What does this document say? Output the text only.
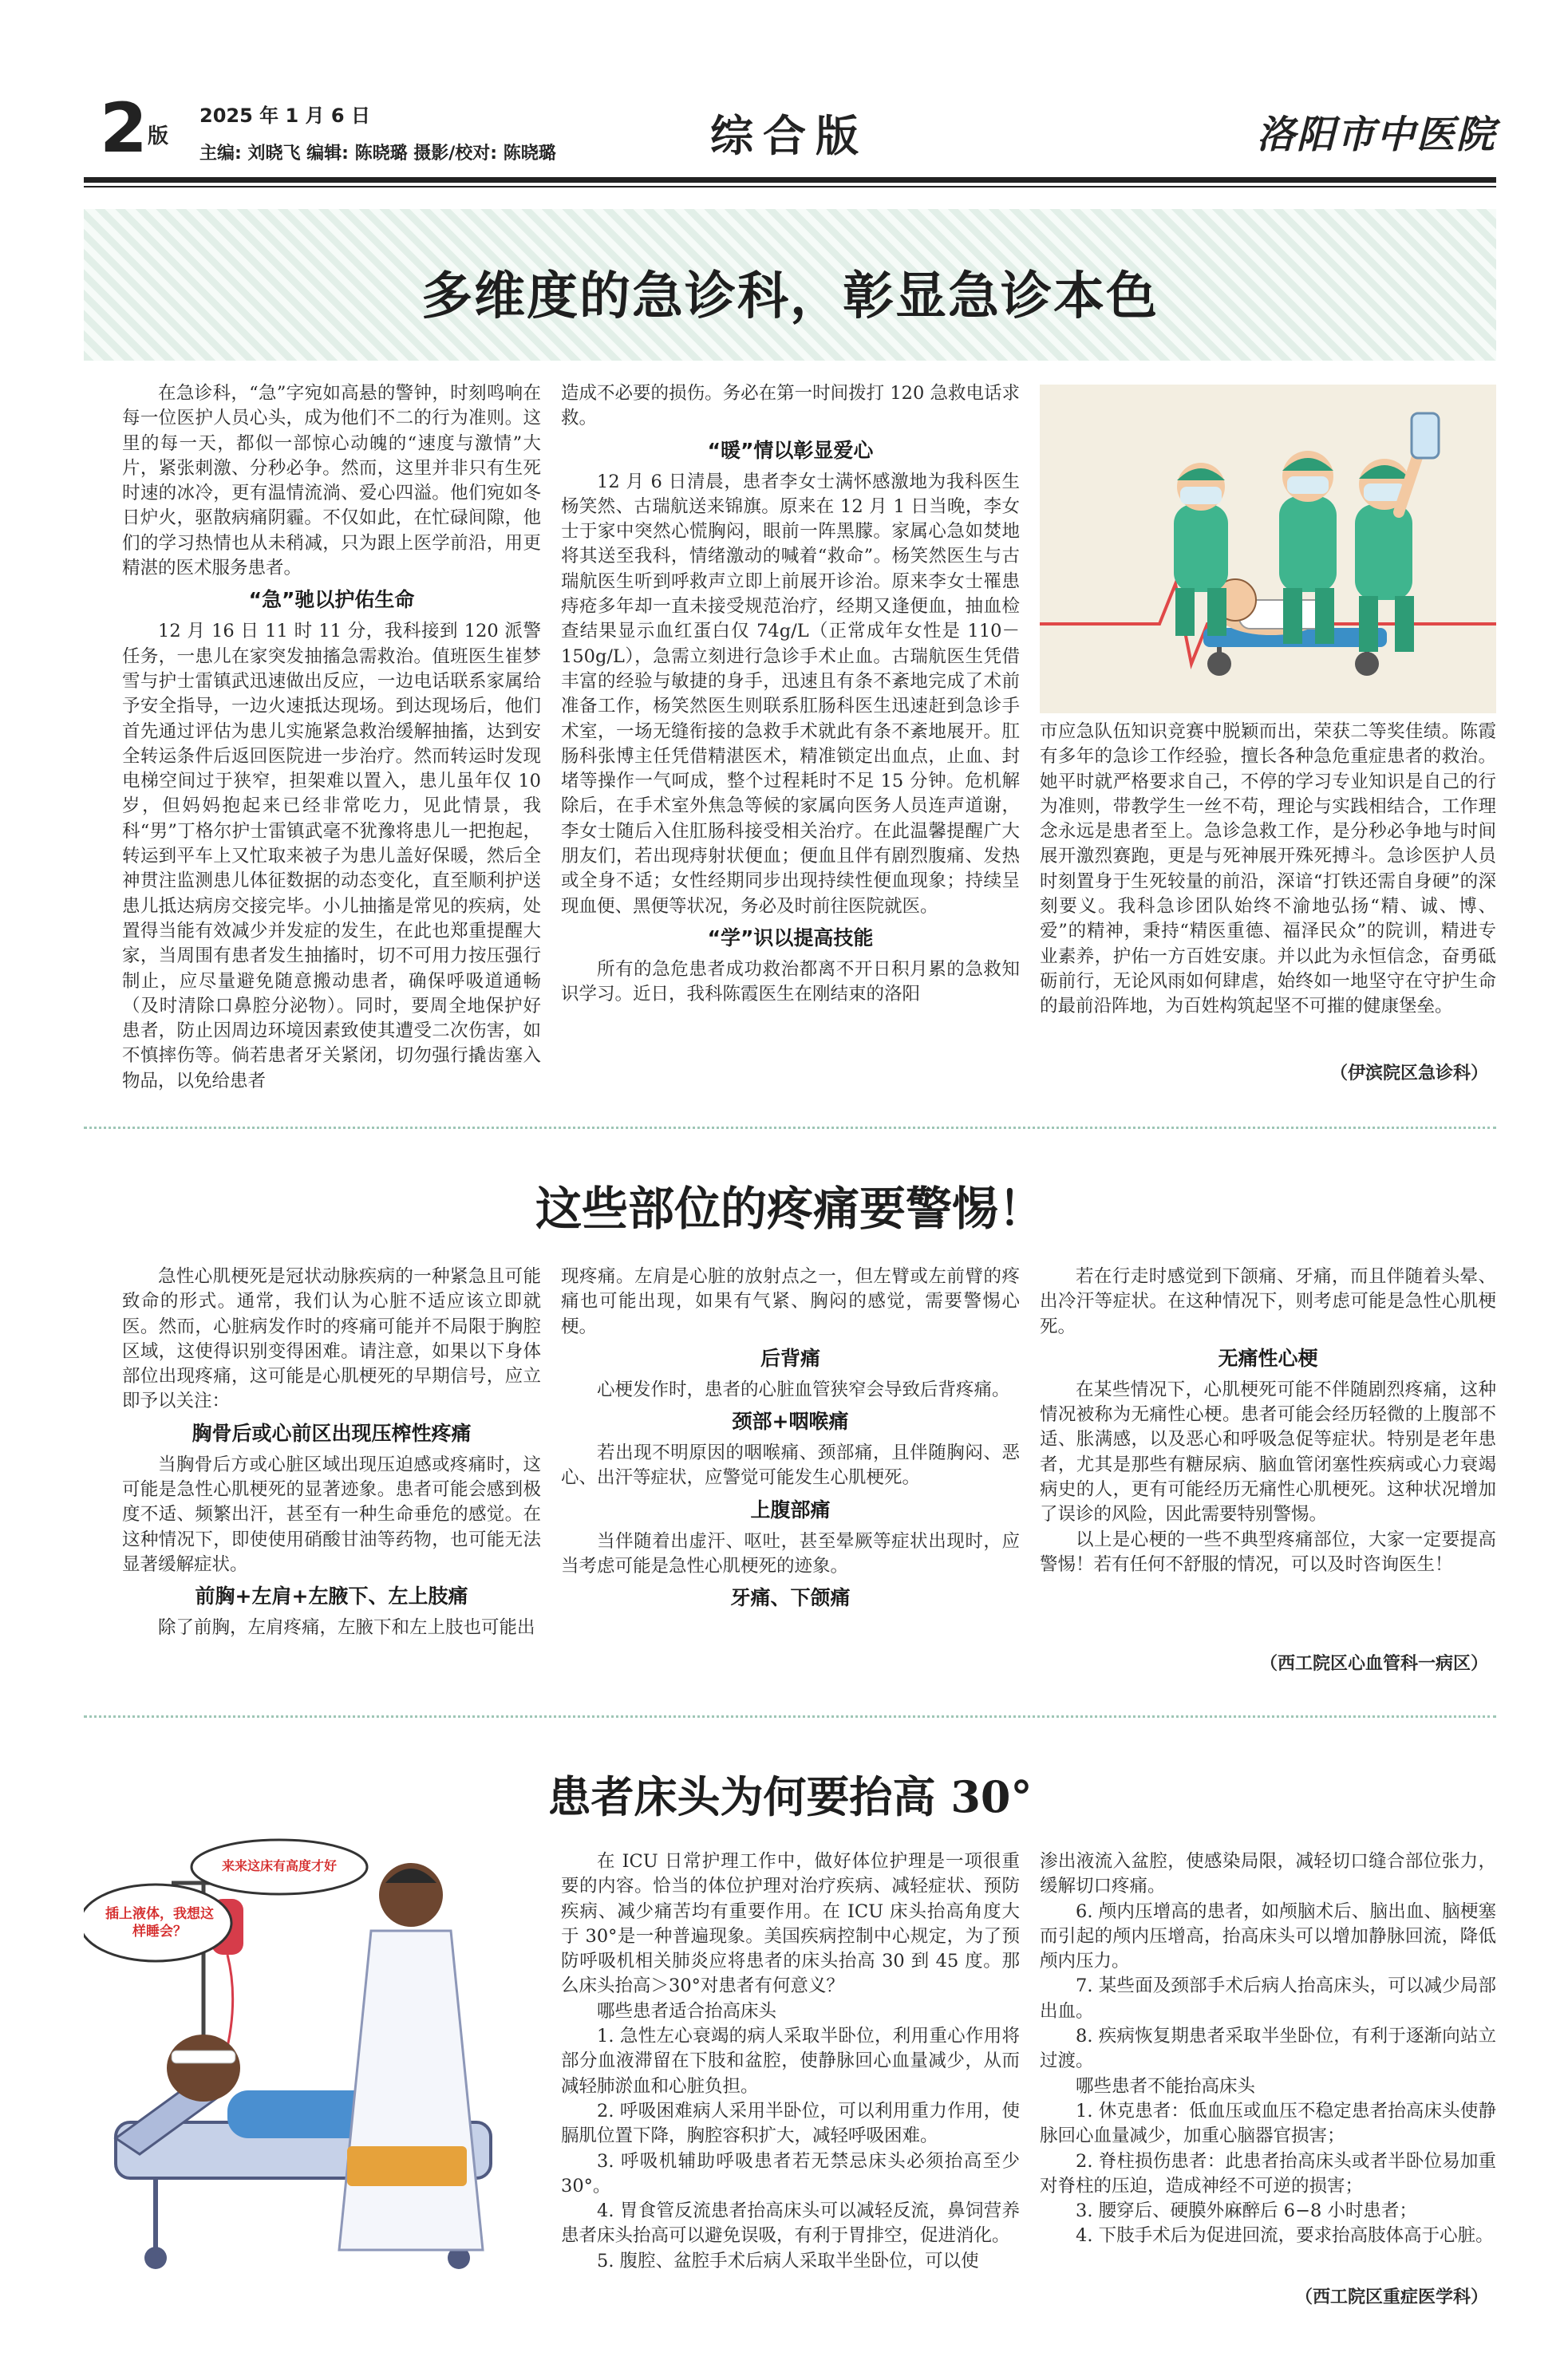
2 版
2025 年 1 月 6 日
主编: 刘晓飞 编辑: 陈晓璐 摄影/校对: 陈晓璐	综合版	洛阳市中医院
多维度的急诊科，彰显急诊本色

在急诊科，“急”字宛如高悬的警钟，时刻鸣响在每一位医护人员心头，成为他们不二的行为准则。这里的每一天，都似一部惊心动魄的“速度与激情”大片，紧张刺激、分秒必争。然而，这里并非只有生死时速的冰冷，更有温情流淌、爱心四溢。他们宛如冬日炉火，驱散病痛阴霾。不仅如此，在忙碌间隙，他们的学习热情也从未稍减，只为跟上医学前沿，用更精湛的医术服务患者。

“急”驰以护佑生命

12 月 16 日 11 时 11 分，我科接到 120 派警任务，一患儿在家突发抽搐急需救治。值班医生崔梦雪与护士雷镇武迅速做出反应，一边电话联系家属给予安全指导，一边火速抵达现场。到达现场后，他们首先通过评估为患儿实施紧急救治缓解抽搐，达到安全转运条件后返回医院进一步治疗。然而转运时发现电梯空间过于狭窄，担架难以置入，患儿虽年仅 10 岁，但妈妈抱起来已经非常吃力，见此情景，我科“男”丁格尔护士雷镇武毫不犹豫将患儿一把抱起，转运到平车上又忙取来被子为患儿盖好保暖，然后全神贯注监测患儿体征数据的动态变化，直至顺利护送患儿抵达病房交接完毕。小儿抽搐是常见的疾病，处置得当能有效减少并发症的发生，在此也郑重提醒大家，当周围有患者发生抽搐时，切不可用力按压强行制止，应尽量避免随意搬动患者，确保呼吸道通畅（及时清除口鼻腔分泌物）。同时，要周全地保护好患者，防止因周边环境因素致使其遭受二次伤害，如不慎摔伤等。倘若患者牙关紧闭，切勿强行撬齿塞入物品，以免给患者

造成不必要的损伤。务必在第一时间拨打 120 急救电话求救。

“暖”情以彰显爱心

12 月 6 日清晨，患者李女士满怀感激地为我科医生杨笑然、古瑞航送来锦旗。原来在 12 月 1 日当晚，李女士于家中突然心慌胸闷，眼前一阵黑朦。家属心急如焚地将其送至我科，情绪激动的喊着“救命”。杨笑然医生与古瑞航医生听到呼救声立即上前展开诊治。原来李女士罹患痔疮多年却一直未接受规范治疗，经期又逢便血，抽血检查结果显示血红蛋白仅 74g/L（正常成年女性是 110－150g/L），急需立刻进行急诊手术止血。古瑞航医生凭借丰富的经验与敏捷的身手，迅速且有条不紊地完成了术前准备工作，杨笑然医生则联系肛肠科医生迅速赶到急诊手术室，一场无缝衔接的急救手术就此有条不紊地展开。肛肠科张博主任凭借精湛医术，精准锁定出血点，止血、封堵等操作一气呵成，整个过程耗时不足 15 分钟。危机解除后，在手术室外焦急等候的家属向医务人员连声道谢，李女士随后入住肛肠科接受相关治疗。在此温馨提醒广大朋友们，若出现痔射状便血；便血且伴有剧烈腹痛、发热或全身不适；女性经期同步出现持续性便血现象；持续呈现血便、黑便等状况，务必及时前往医院就医。

“学”识以提高技能

所有的急危患者成功救治都离不开日积月累的急救知识学习。近日，我科陈霞医生在刚结束的洛阳

市应急队伍知识竞赛中脱颖而出，荣获二等奖佳绩。陈霞有多年的急诊工作经验，擅长各种急危重症患者的救治。她平时就严格要求自己，不停的学习专业知识是自己的行为准则，带教学生一丝不苟，理论与实践相结合，工作理念永远是患者至上。急诊急救工作，是分秒必争地与时间展开激烈赛跑，更是与死神展开殊死搏斗。急诊医护人员时刻置身于生死较量的前沿，深谙“打铁还需自身硬”的深刻要义。我科急诊团队始终不渝地弘扬“精、诚、博、爱”的精神，秉持“精医重德、福泽民众”的院训，精进专业素养，护佑一方百姓安康。并以此为永恒信念，奋勇砥砺前行，无论风雨如何肆虐，始终如一地坚守在守护生命的最前沿阵地，为百姓构筑起坚不可摧的健康堡垒。

（伊滨院区急诊科）
这些部位的疼痛要警惕！

急性心肌梗死是冠状动脉疾病的一种紧急且可能致命的形式。通常，我们认为心脏不适应该立即就医。然而，心脏病发作时的疼痛可能并不局限于胸腔区域，这使得识别变得困难。请注意，如果以下身体部位出现疼痛，这可能是心肌梗死的早期信号，应立即予以关注：

胸骨后或心前区出现压榨性疼痛

当胸骨后方或心脏区域出现压迫感或疼痛时，这可能是急性心肌梗死的显著迹象。患者可能会感到极度不适、频繁出汗，甚至有一种生命垂危的感觉。在这种情况下，即使使用硝酸甘油等药物，也可能无法显著缓解症状。

前胸+左肩+左腋下、左上肢痛

除了前胸，左肩疼痛，左腋下和左上肢也可能出

现疼痛。左肩是心脏的放射点之一，但左臂或左前臂的疼痛也可能出现，如果有气紧、胸闷的感觉，需要警惕心梗。

后背痛

心梗发作时，患者的心脏血管狭窄会导致后背疼痛。

颈部+咽喉痛

若出现不明原因的咽喉痛、颈部痛，且伴随胸闷、恶心、出汗等症状，应警觉可能发生心肌梗死。

上腹部痛

当伴随着出虚汗、呕吐，甚至晕厥等症状出现时，应当考虑可能是急性心肌梗死的迹象。

牙痛、下颌痛

若在行走时感觉到下颌痛、牙痛，而且伴随着头晕、出冷汗等症状。在这种情况下，则考虑可能是急性心肌梗死。

无痛性心梗

在某些情况下，心肌梗死可能不伴随剧烈疼痛，这种情况被称为无痛性心梗。患者可能会经历轻微的上腹部不适、胀满感，以及恶心和呼吸急促等症状。特别是老年患者，尤其是那些有糖尿病、脑血管闭塞性疾病或心力衰竭病史的人，更有可能经历无痛性心肌梗死。这种状况增加了误诊的风险，因此需要特别警惕。

以上是心梗的一些不典型疼痛部位，大家一定要提高警惕！若有任何不舒服的情况，可以及时咨询医生！

（西工院区心血管科一病区）
患者床头为何要抬高 30°
插上液体，我想这样睡会？
来来这床有高度才好	在 ICU 日常护理工作中，做好体位护理是一项很重要的内容。恰当的体位护理对治疗疾病、减轻症状、预防疾病、减少痛苦均有重要作用。在 ICU 床头抬高角度大于 30°是一种普遍现象。美国疾病控制中心规定，为了预防呼吸机相关肺炎应将患者的床头抬高 30 到 45 度。那么床头抬高＞30°对患者有何意义？

哪些患者适合抬高床头

1. 急性左心衰竭的病人采取半卧位，利用重心作用将部分血液滞留在下肢和盆腔，使静脉回心血量减少，从而减轻肺淤血和心脏负担。

2. 呼吸困难病人采用半卧位，可以利用重力作用，使膈肌位置下降，胸腔容积扩大，减轻呼吸困难。

3. 呼吸机辅助呼吸患者若无禁忌床头必须抬高至少 30°。

4. 胃食管反流患者抬高床头可以减轻反流，鼻饲营养患者床头抬高可以避免误吸，有利于胃排空，促进消化。

5. 腹腔、盆腔手术后病人采取半坐卧位，可以使

渗出液流入盆腔，使感染局限，减轻切口缝合部位张力，缓解切口疼痛。

6. 颅内压增高的患者，如颅脑术后、脑出血、脑梗塞而引起的颅内压增高，抬高床头可以增加静脉回流，降低颅内压力。

7. 某些面及颈部手术后病人抬高床头，可以减少局部出血。

8. 疾病恢复期患者采取半坐卧位，有利于逐渐向站立过渡。

哪些患者不能抬高床头

1. 休克患者：低血压或血压不稳定患者抬高床头使静脉回心血量减少，加重心脑器官损害；

2. 脊柱损伤患者：此患者抬高床头或者半卧位易加重对脊柱的压迫，造成神经不可逆的损害；

3. 腰穿后、硬膜外麻醉后 6−8 小时患者；

4. 下肢手术后为促进回流，要求抬高肢体高于心脏。

（西工院区重症医学科）
